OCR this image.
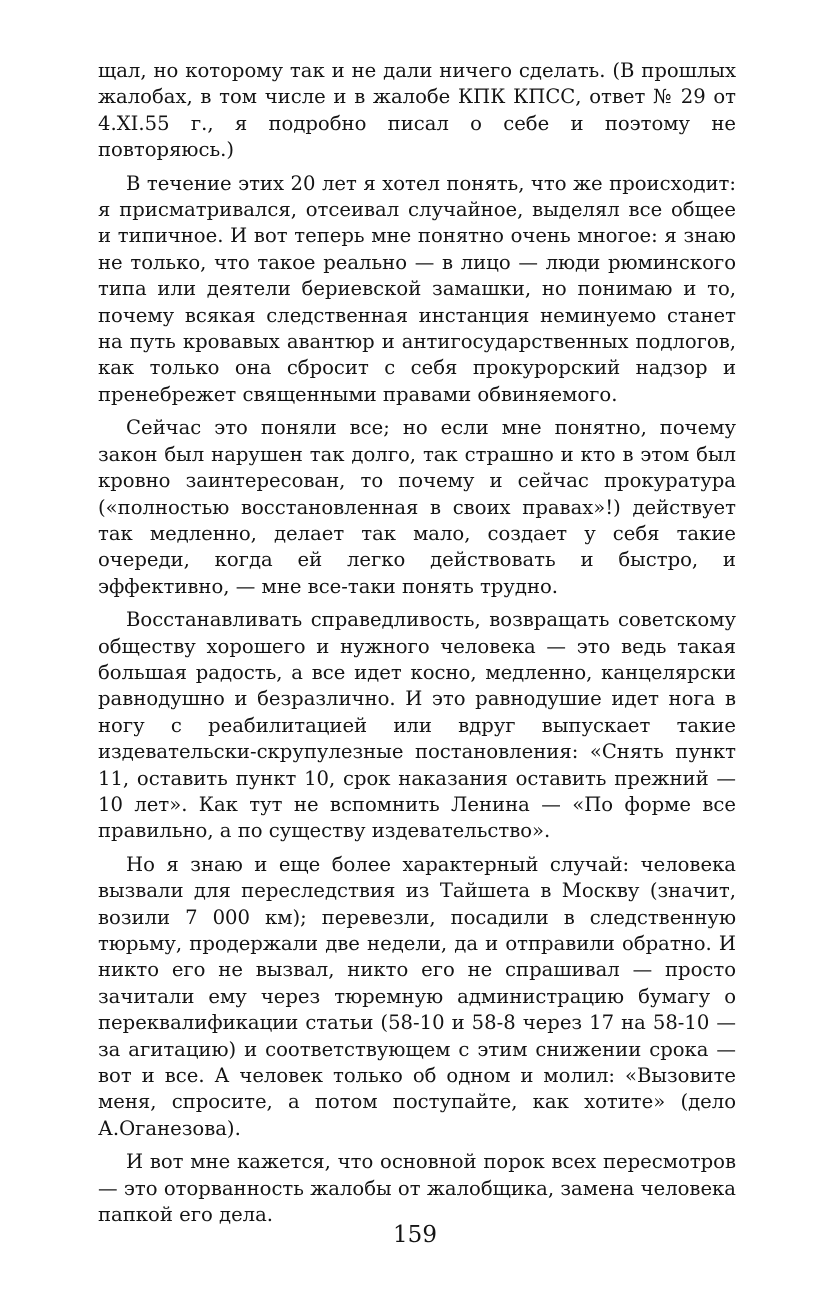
щал, но которому так и не дали ничего сделать. (В прошлых жалобах, в том числе и в жалобе КПК КПСС, ответ № 29 от 4.XI.55 г., я подробно писал о себе и поэтому не повторяюсь.)

В течение этих 20 лет я хотел понять, что же происходит: я присматривался, отсеивал случайное, выделял все общее и типичное. И вот теперь мне понятно очень многое: я знаю не только, что такое реально — в лицо — люди рюминского типа или деятели бериевской замашки, но понимаю и то, почему всякая следственная инстанция неминуемо станет на путь кровавых авантюр и антигосударственных подлогов, как только она сбросит с себя прокурорский надзор и пренебрежет священными правами обвиняемого.

Сейчас это поняли все; но если мне понятно, почему закон был нарушен так долго, так страшно и кто в этом был кровно заинтересован, то почему и сейчас прокуратура («полностью восстановленная в своих правах»!) действует так медленно, делает так мало, создает у себя такие очереди, когда ей легко действовать и быстро, и эффективно, — мне все-таки понять трудно.

Восстанавливать справедливость, возвращать советскому обществу хорошего и нужного человека — это ведь такая большая радость, а все идет косно, медленно, канцелярски равнодушно и безразлично. И это равнодушие идет нога в ногу с реабилитацией или вдруг выпускает такие издевательски-скрупулезные постановления: «Снять пункт 11, оставить пункт 10, срок наказания оставить прежний — 10 лет». Как тут не вспомнить Ленина — «По форме все правильно, а по существу издевательство».

Но я знаю и еще более характерный случай: человека вызвали для переследствия из Тайшета в Москву (значит, возили 7 000 км); перевезли, посадили в следственную тюрьму, продержали две недели, да и отправили обратно. И никто его не вызвал, никто его не спрашивал — просто зачитали ему через тюремную администрацию бумагу о переквалификации статьи (58-10 и 58-8 через 17 на 58-10 — за агитацию) и соответствующем с этим снижении срока — вот и все. А человек только об одном и молил: «Вызовите меня, спросите, а потом поступайте, как хотите» (дело А.Оганезова).

И вот мне кажется, что основной порок всех пересмотров — это оторванность жалобы от жалобщика, замена человека папкой его дела.

159
